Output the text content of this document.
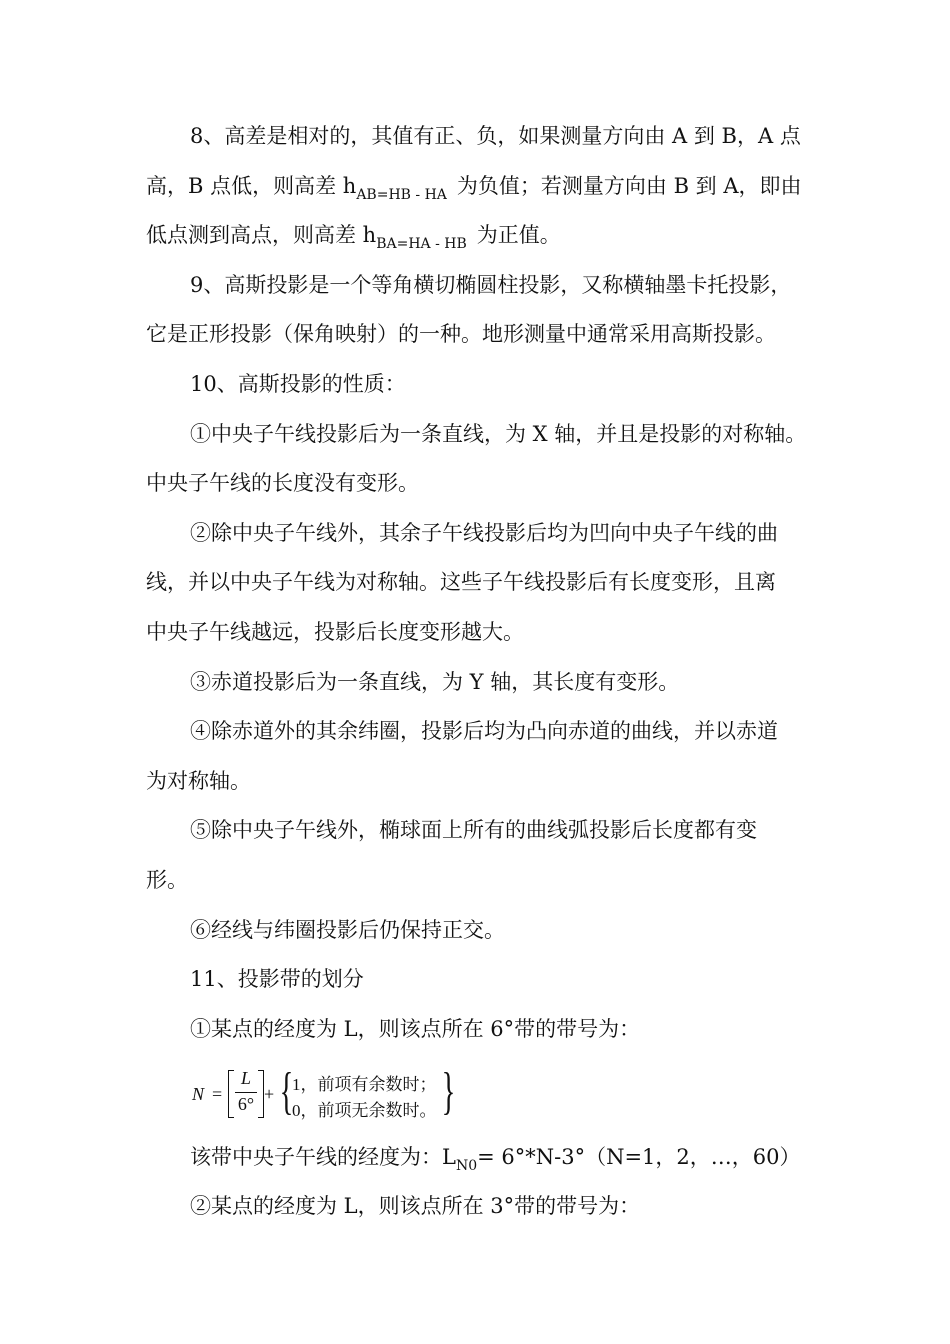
8、高差是相对的，其值有正、负，如果测量方向由 A 到 B，A 点

高，B 点低，则高差 $h_{AB=HB - HA}$ 为负值；若测量方向由 B 到 A，即由

低点测到高点，则高差 $h_{BA=HA - HB}$ 为正值。

9、高斯投影是一个等角横切椭圆柱投影，又称横轴墨卡托投影，

它是正形投影（保角映射）的一种。地形测量中通常采用高斯投影。

10、高斯投影的性质：

①中央子午线投影后为一条直线，为 X 轴，并且是投影的对称轴。

中央子午线的长度没有变形。

②除中央子午线外，其余子午线投影后均为凹向中央子午线的曲

线，并以中央子午线为对称轴。这些子午线投影后有长度变形，且离

中央子午线越远，投影后长度变形越大。

③赤道投影后为一条直线，为 Y 轴，其长度有变形。

④除赤道外的其余纬圈，投影后均为凸向赤道的曲线，并以赤道

为对称轴。

⑤除中央子午线外，椭球面上所有的曲线弧投影后长度都有变

形。

⑥经线与纬圈投影后仍保持正交。

11、投影带的划分

①某点的经度为 L，则该点所在 6°带的带号为：

N =
L
6° + {
1，前项有余数时；
0，前项无余数时。 }

该带中央子午线的经度为：$L_{N0}= 6^\circ*N-3^\circ(N=1$，2，…，60）

②某点的经度为 L，则该点所在 3°带的带号为：
